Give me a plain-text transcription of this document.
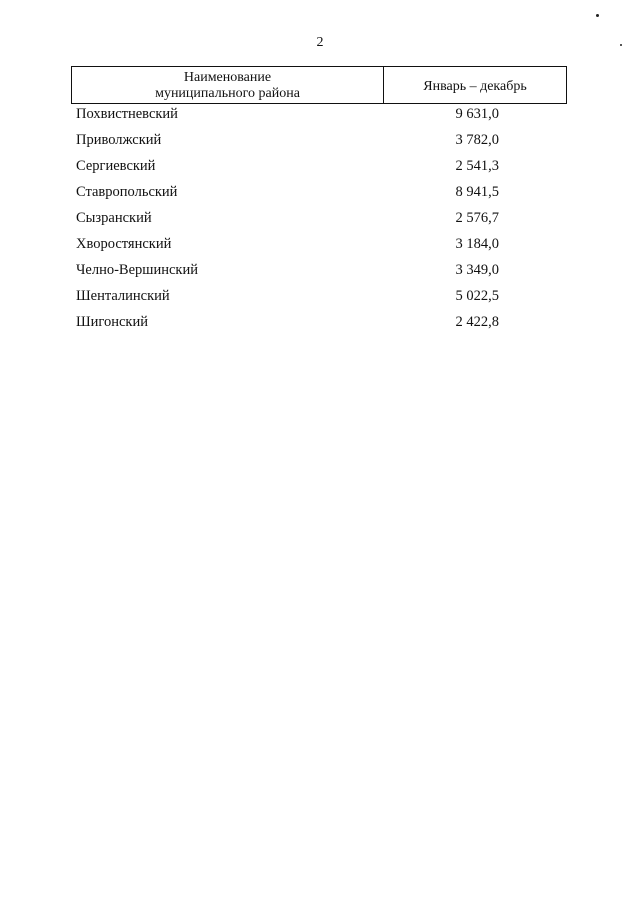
2
Наименование
муниципального района	Январь – декабрь
Похвистневский	9 631,0
Приволжский	3 782,0
Сергиевский	2 541,3
Ставропольский	8 941,5
Сызранский	2 576,7
Хворостянский	3 184,0
Челно-Вершинский	3 349,0
Шенталинский	5 022,5
Шигонский	2 422,8
